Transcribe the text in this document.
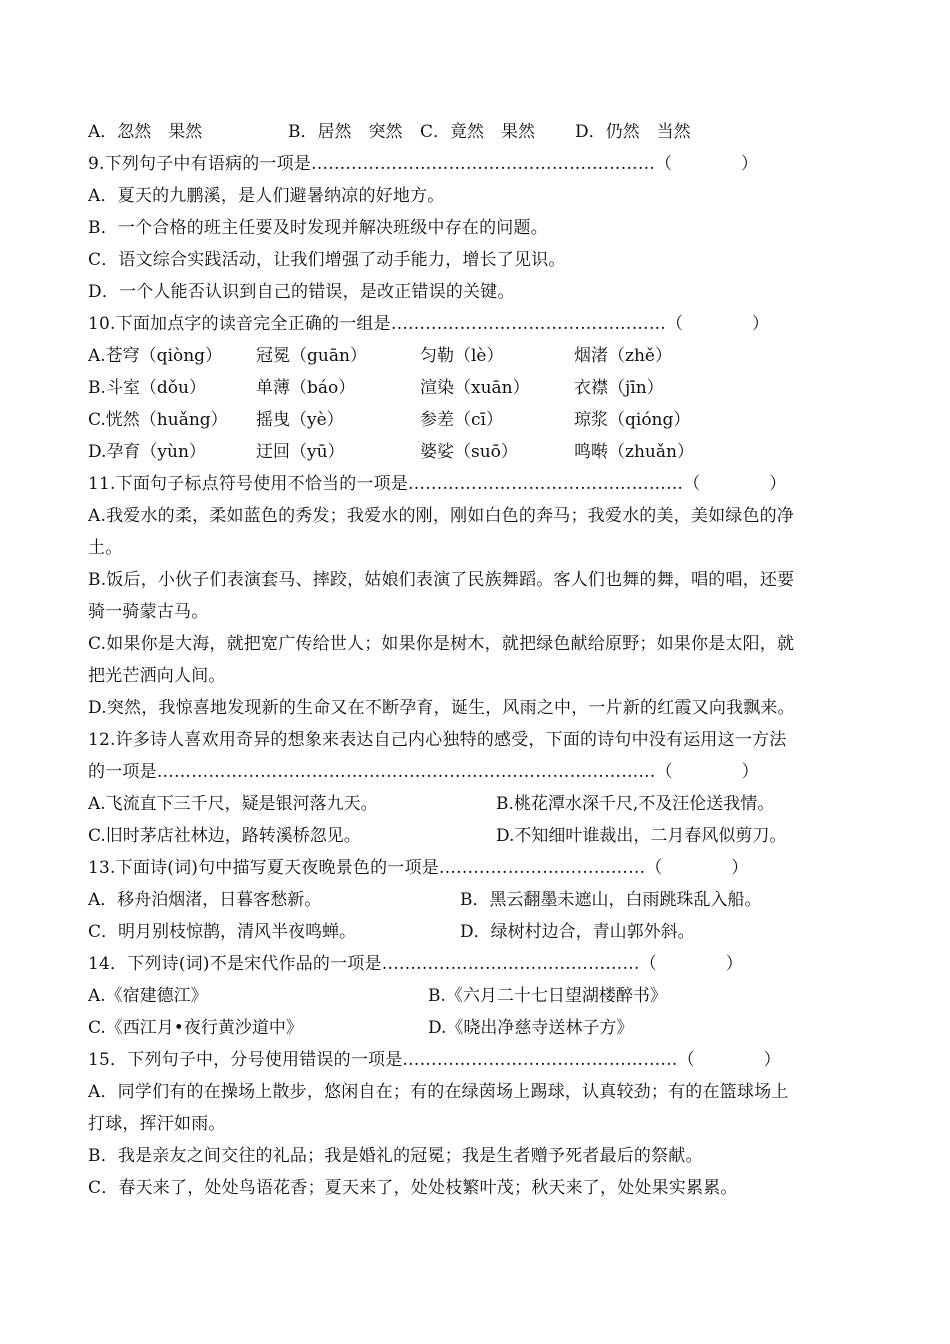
A．忽然　果然	B．居然　突然 C．竟然　果然 D．仍然　当然
9.下列句子中有语病的一项是……………………………………………………（　　　　）
A．夏天的九鹏溪，是人们避暑纳凉的好地方。
B．一个合格的班主任要及时发现并解决班级中存在的问题。
C．语文综合实践活动，让我们增强了动手能力，增长了见识。
D．一个人能否认识到自己的错误，是改正错误的关键。
10.下面加点字的读音完全正确的一组是…………………………………………（　　　　）
A.苍穹（qiòng） 冠冕（guān）	匀勒（lè）	烟渚（zhě）
B.斗室（dǒu）	单薄（báo）	渲染（xuān）	衣襟（jīn）
C.恍然（huǎng） 摇曳（yè）	参差（cī）	琼浆（qióng）
D.孕育（yùn）	迂回（yū）	婆娑（suō）	鸣啭（zhuǎn）
11.下面句子标点符号使用不恰当的一项是…………………………………………（　　　　）
A.我爱水的柔，柔如蓝色的秀发；我爱水的刚，刚如白色的奔马；我爱水的美，美如绿色的净
土。
B.饭后，小伙子们表演套马、摔跤，姑娘们表演了民族舞蹈。客人们也舞的舞，唱的唱，还要
骑一骑蒙古马。
C.如果你是大海，就把宽广传给世人；如果你是树木，就把绿色献给原野；如果你是太阳，就
把光芒洒向人间。
D.突然，我惊喜地发现新的生命又在不断孕育，诞生，风雨之中，一片新的红霞又向我飘来。
12.许多诗人喜欢用奇异的想象来表达自己内心独特的感受，下面的诗句中没有运用这一方法
的一项是……………………………………………………………………………（　　　　）
A.飞流直下三千尺，疑是银河落九天。	B.桃花潭水深千尺,不及汪伦送我情。
C.旧时茅店社林边，路转溪桥忽见。	D.不知细叶谁裁出，二月春风似剪刀。
13.下面诗(词)句中描写夏天夜晚景色的一项是………………………………（　　　　）
A．移舟泊烟渚，日暮客愁新。	B．黑云翻墨未遮山，白雨跳珠乱入船。
C．明月别枝惊鹊，清风半夜鸣蝉。	D．绿树村边合，青山郭外斜。
14．下列诗(词)不是宋代作品的一项是………………………………………（　　　　）
A.《宿建德江》	B.《六月二十七日望湖楼醉书》
C.《西江月•夜行黄沙道中》	D.《晓出净慈寺送林子方》
15．下列句子中，分号使用错误的一项是…………………………………………（　　　　）
A．同学们有的在操场上散步，悠闲自在；有的在绿茵场上踢球，认真较劲；有的在篮球场上
打球，挥汗如雨。
B．我是亲友之间交往的礼品；我是婚礼的冠冕；我是生者赠予死者最后的祭献。
C．春天来了，处处鸟语花香；夏天来了，处处枝繁叶茂；秋天来了，处处果实累累。
